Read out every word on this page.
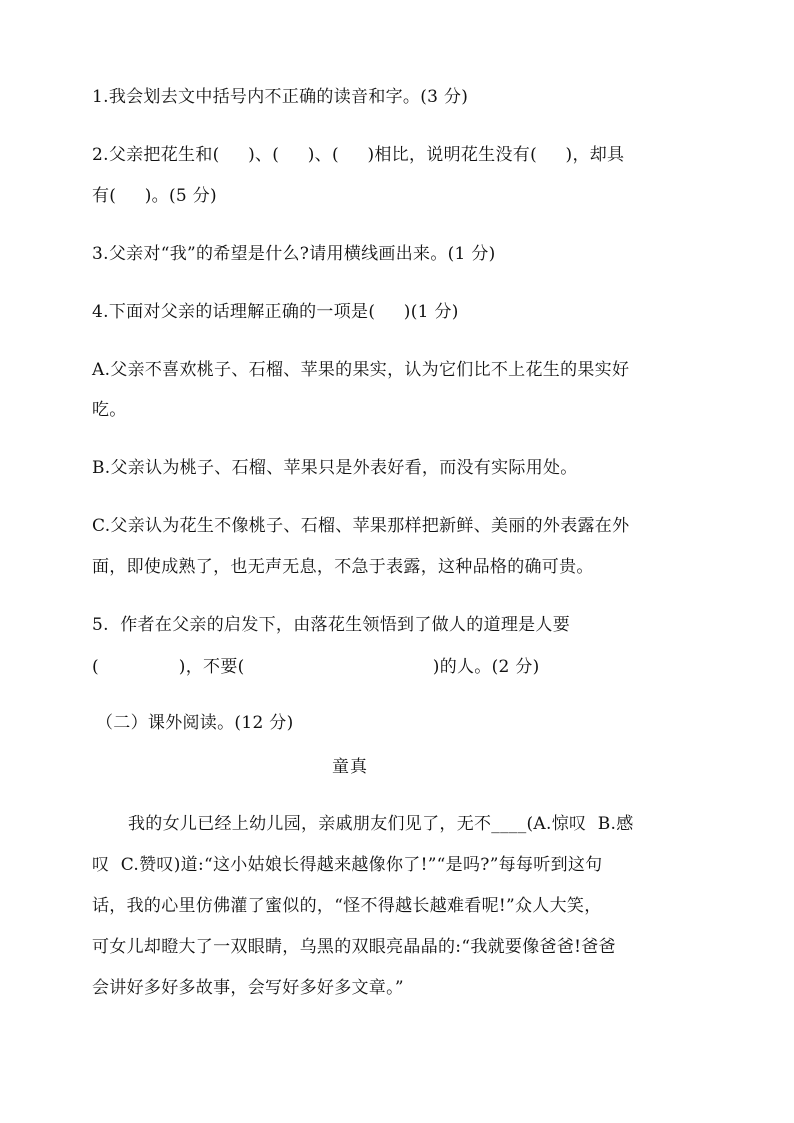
1.我会划去文中括号内不正确的读音和字。(3 分)
2.父亲把花生和(     )、(     )、(     )相比，说明花生没有(     )，却具
有(     )。(5 分)
3.父亲对“我”的希望是什么?请用横线画出来。(1 分)
4.下面对父亲的话理解正确的一项是(     )(1 分)
A.父亲不喜欢桃子、石榴、苹果的果实，认为它们比不上花生的果实好
吃。
B.父亲认为桃子、石榴、苹果只是外表好看，而没有实际用处。
C.父亲认为花生不像桃子、石榴、苹果那样把新鲜、美丽的外表露在外
面，即使成熟了，也无声无息，不急于表露，这种品格的确可贵。
5.  作者在父亲的启发下，由落花生领悟到了做人的道理是人要
(              )，不要(                                 )的人。(2 分)
（二）课外阅读。(12 分)
童真
我的女儿已经上幼儿园，亲戚朋友们见了，无不____(A.惊叹  B.感
叹  C.赞叹)道:“这小姑娘长得越来越像你了!”“是吗?”每每听到这句
话，我的心里仿佛灌了蜜似的，“怪不得越长越难看呢!”众人大笑，
可女儿却瞪大了一双眼睛，乌黑的双眼亮晶晶的:“我就要像爸爸!爸爸
会讲好多好多故事，会写好多好多文章。”
